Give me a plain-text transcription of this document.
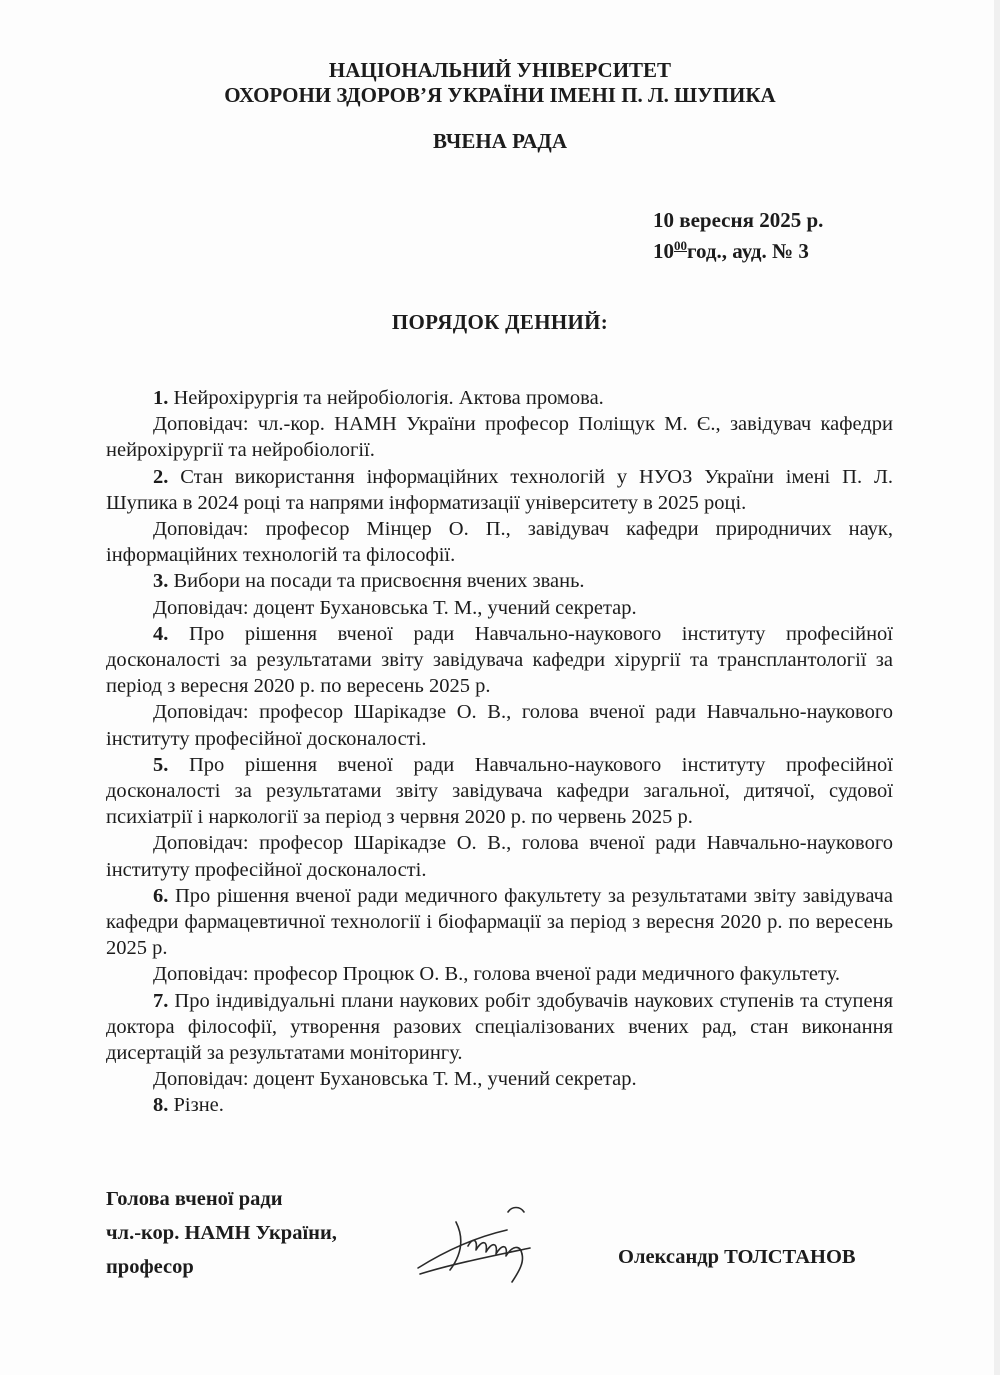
НАЦІОНАЛЬНИЙ УНІВЕРСИТЕТ
ОХОРОНИ ЗДОРОВ’Я УКРАЇНИ ІМЕНІ П. Л. ШУПИКА
ВЧЕНА РАДА
10 вересня 2025 р.
$10^{00}год$., ауд. № 3
ПОРЯДОК ДЕННИЙ:

1. Нейрохірургія та нейробіологія. Актова промова.

Доповідач: чл.-кор. НАМН України професор Поліщук М. Є., завідувач кафедри нейрохірургії та нейробіології.

2. Стан використання інформаційних технологій у НУОЗ України імені П. Л. Шупика в 2024 році та напрями інформатизації університету в 2025 році.

Доповідач: професор Мінцер О. П., завідувач кафедри природничих наук, інформаційних технологій та філософії.

3. Вибори на посади та присвоєння вчених звань.

Доповідач: доцент Бухановська Т. М., учений секретар.

4. Про рішення вченої ради Навчально-наукового інституту професійної досконалості за результатами звіту завідувача кафедри хірургії та трансплантології за період з вересня 2020 р. по вересень 2025 р.

Доповідач: професор Шарікадзе О. В., голова вченої ради Навчально-наукового інституту професійної досконалості.

5. Про рішення вченої ради Навчально-наукового інституту професійної досконалості за результатами звіту завідувача кафедри загальної, дитячої, судової психіатрії і наркології за період з червня 2020 р. по червень 2025 р.

Доповідач: професор Шарікадзе О. В., голова вченої ради Навчально-наукового інституту професійної досконалості.

6. Про рішення вченої ради медичного факультету за результатами звіту завідувача кафедри фармацевтичної технології і біофармації за період з вересня 2020 р. по вересень 2025 р.

Доповідач: професор Процюк О. В., голова вченої ради медичного факультету.

7. Про індивідуальні плани наукових робіт здобувачів наукових ступенів та ступеня доктора філософії, утворення разових спеціалізованих вчених рад, стан виконання дисертацій за результатами моніторингу.

Доповідач: доцент Бухановська Т. М., учений секретар.

8. Різне.

Голова вченої ради
чл.-кор. НАМН України,
професор	Олександр ТОЛСТАНОВ
